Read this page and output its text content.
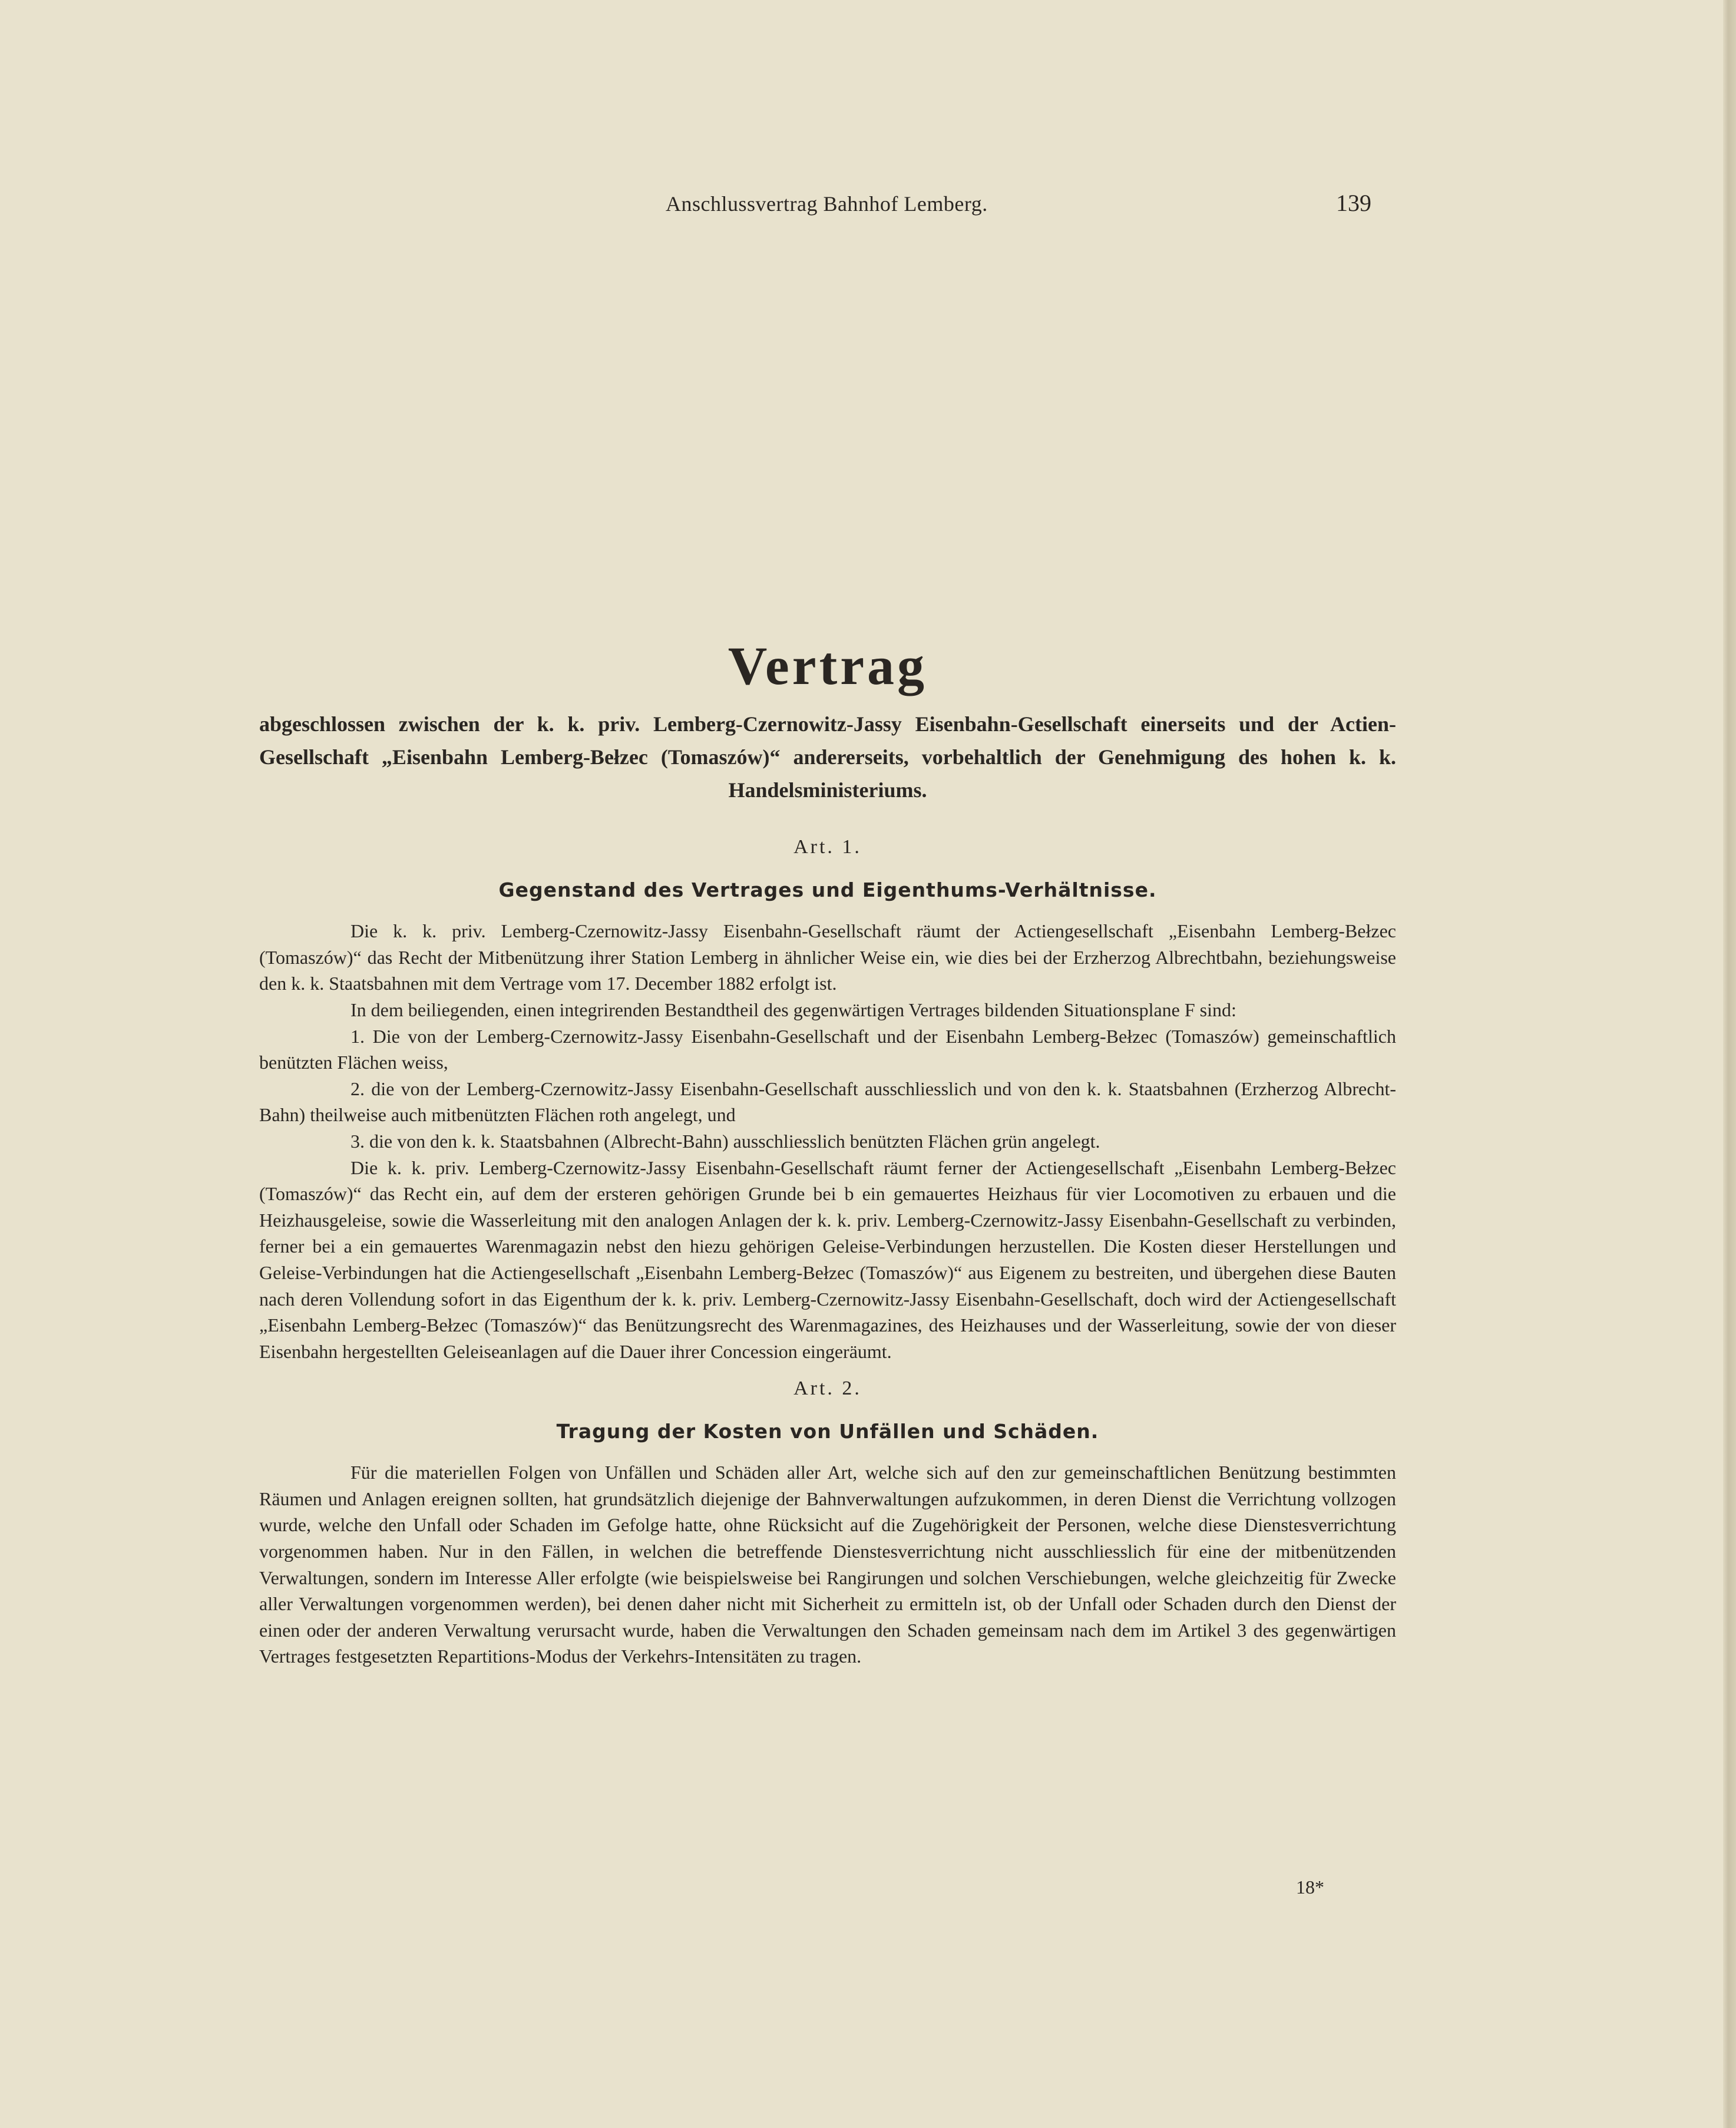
Anschlussvertrag Bahnhof Lemberg.	139
Vertrag

abgeschlossen zwischen der k. k. priv. Lemberg-Czernowitz-Jassy Eisenbahn-Gesellschaft einerseits und der Actien-Gesellschaft „Eisenbahn Lemberg-Bełzec (Tomaszów)“ andererseits, vorbehaltlich der Genehmigung des hohen k. k. Handelsministeriums.

Art. 1.
Gegenstand des Vertrages und Eigenthums-Verhältnisse.

Die k. k. priv. Lemberg-Czernowitz-Jassy Eisenbahn-Gesellschaft räumt der Actiengesellschaft „Eisenbahn Lemberg-Bełzec (Tomaszów)“ das Recht der Mitbenützung ihrer Station Lemberg in ähnlicher Weise ein, wie dies bei der Erzherzog Albrechtbahn, beziehungsweise den k. k. Staatsbahnen mit dem Vertrage vom 17. December 1882 erfolgt ist.

In dem beiliegenden, einen integrirenden Bestandtheil des gegenwärtigen Vertrages bildenden Situationsplane F sind:

1. Die von der Lemberg-Czernowitz-Jassy Eisenbahn-Gesellschaft und der Eisenbahn Lemberg-Bełzec (Tomaszów) gemeinschaftlich benützten Flächen weiss,

2. die von der Lemberg-Czernowitz-Jassy Eisenbahn-Gesellschaft ausschliesslich und von den k. k. Staatsbahnen (Erzherzog Albrecht-Bahn) theilweise auch mitbenützten Flächen roth angelegt, und

3. die von den k. k. Staatsbahnen (Albrecht-Bahn) ausschliesslich benützten Flächen grün angelegt.

Die k. k. priv. Lemberg-Czernowitz-Jassy Eisenbahn-Gesellschaft räumt ferner der Actiengesellschaft „Eisenbahn Lemberg-Bełzec (Tomaszów)“ das Recht ein, auf dem der ersteren gehörigen Grunde bei b ein gemauertes Heizhaus für vier Locomotiven zu erbauen und die Heizhausgeleise, sowie die Wasserleitung mit den analogen Anlagen der k. k. priv. Lemberg-Czernowitz-Jassy Eisenbahn-Gesellschaft zu verbinden, ferner bei a ein gemauertes Warenmagazin nebst den hiezu gehörigen Geleise-Verbindungen herzustellen. Die Kosten dieser Herstellungen und Geleise-Verbindungen hat die Actiengesellschaft „Eisenbahn Lemberg-Bełzec (Tomaszów)“ aus Eigenem zu bestreiten, und übergehen diese Bauten nach deren Vollendung sofort in das Eigenthum der k. k. priv. Lemberg-Czernowitz-Jassy Eisenbahn-Gesellschaft, doch wird der Actiengesellschaft „Eisenbahn Lemberg-Bełzec (Tomaszów)“ das Benützungsrecht des Warenmagazines, des Heizhauses und der Wasserleitung, sowie der von dieser Eisenbahn hergestellten Geleiseanlagen auf die Dauer ihrer Concession eingeräumt.

Art. 2.
Tragung der Kosten von Unfällen und Schäden.

Für die materiellen Folgen von Unfällen und Schäden aller Art, welche sich auf den zur gemeinschaftlichen Benützung bestimmten Räumen und Anlagen ereignen sollten, hat grundsätzlich diejenige der Bahnverwaltungen aufzukommen, in deren Dienst die Verrichtung vollzogen wurde, welche den Unfall oder Schaden im Gefolge hatte, ohne Rücksicht auf die Zugehörigkeit der Personen, welche diese Dienstesverrichtung vorgenommen haben. Nur in den Fällen, in welchen die betreffende Dienstesverrichtung nicht ausschliesslich für eine der mitbenützenden Verwaltungen, sondern im Interesse Aller erfolgte (wie beispielsweise bei Rangirungen und solchen Verschiebungen, welche gleichzeitig für Zwecke aller Verwaltungen vorgenommen werden), bei denen daher nicht mit Sicherheit zu ermitteln ist, ob der Unfall oder Schaden durch den Dienst der einen oder der anderen Verwaltung verursacht wurde, haben die Verwaltungen den Schaden gemeinsam nach dem im Artikel 3 des gegenwärtigen Vertrages festgesetzten Repartitions-Modus der Verkehrs-Intensitäten zu tragen.

18*
